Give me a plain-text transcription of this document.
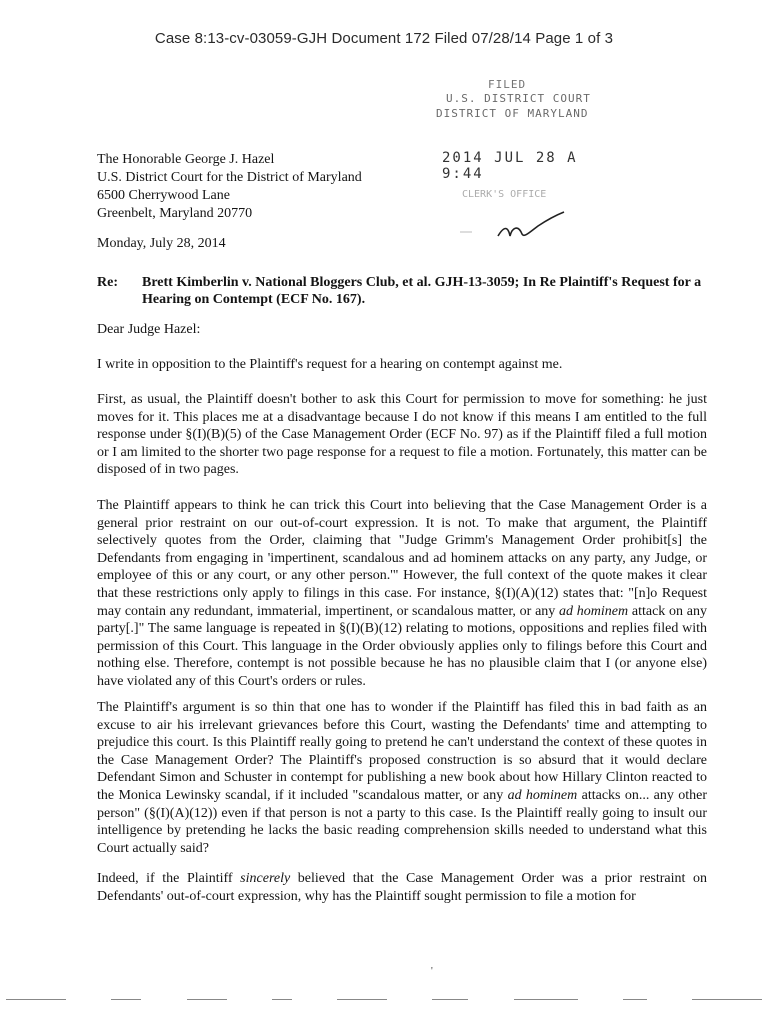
Case 8:13-cv-03059-GJH Document 172 Filed 07/28/14 Page 1 of 3
FILED
U.S. DISTRICT COURT
DISTRICT OF MARYLAND
2014 JUL 28 A 9:44
CLERK'S OFFICE
The Honorable George J. Hazel
U.S. District Court for the District of Maryland
6500 Cherrywood Lane
Greenbelt, Maryland 20770
Monday, July 28, 2014
Re: Brett Kimberlin v. National Bloggers Club, et al. GJH-13-3059; In Re Plaintiff's Request for a Hearing on Contempt (ECF No. 167).
Dear Judge Hazel:
I write in opposition to the Plaintiff's request for a hearing on contempt against me.
First, as usual, the Plaintiff doesn't bother to ask this Court for permission to move for something: he just moves for it. This places me at a disadvantage because I do not know if this means I am entitled to the full response under §(I)(B)(5) of the Case Management Order (ECF No. 97) as if the Plaintiff filed a full motion or I am limited to the shorter two page response for a request to file a motion. Fortunately, this matter can be disposed of in two pages.
The Plaintiff appears to think he can trick this Court into believing that the Case Management Order is a general prior restraint on our out-of-court expression. It is not. To make that argument, the Plaintiff selectively quotes from the Order, claiming that "Judge Grimm's Management Order prohibit[s] the Defendants from engaging in 'impertinent, scandalous and ad hominem attacks on any party, any Judge, or employee of this or any court, or any other person.'" However, the full context of the quote makes it clear that these restrictions only apply to filings in this case. For instance, §(I)(A)(12) states that: "[n]o Request may contain any redundant, immaterial, impertinent, or scandalous matter, or any ad hominem attack on any party[.]" The same language is repeated in §(I)(B)(12) relating to motions, oppositions and replies filed with permission of this Court. This language in the Order obviously applies only to filings before this Court and nothing else. Therefore, contempt is not possible because he has no plausible claim that I (or anyone else) have violated any of this Court's orders or rules.
The Plaintiff's argument is so thin that one has to wonder if the Plaintiff has filed this in bad faith as an excuse to air his irrelevant grievances before this Court, wasting the Defendants' time and attempting to prejudice this court. Is this Plaintiff really going to pretend he can't understand the context of these quotes in the Case Management Order? The Plaintiff's proposed construction is so absurd that it would declare Defendant Simon and Schuster in contempt for publishing a new book about how Hillary Clinton reacted to the Monica Lewinsky scandal, if it included "scandalous matter, or any ad hominem attacks on... any other person" (§(I)(A)(12)) even if that person is not a party to this case. Is the Plaintiff really going to insult our intelligence by pretending he lacks the basic reading comprehension skills needed to understand what this Court actually said?
Indeed, if the Plaintiff sincerely believed that the Case Management Order was a prior restraint on Defendants' out-of-court expression, why has the Plaintiff sought permission to file a motion for
'
